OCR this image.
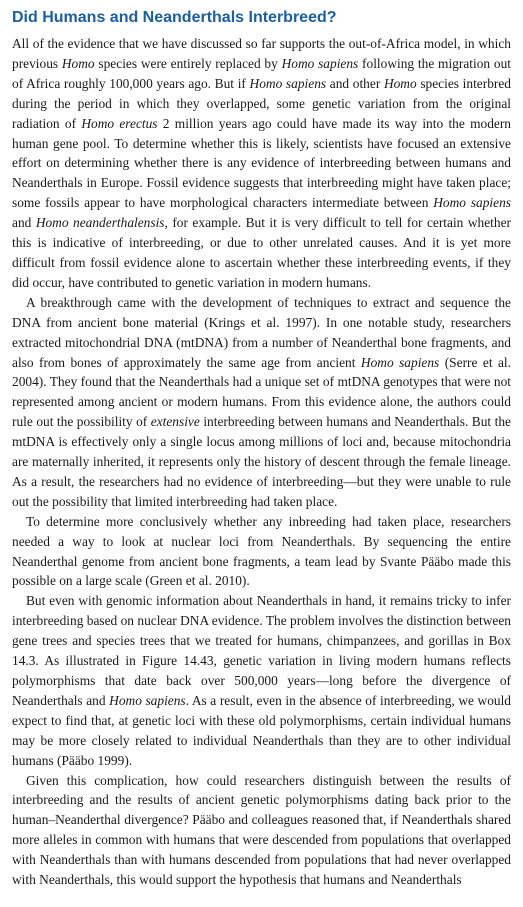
Did Humans and Neanderthals Interbreed?

All of the evidence that we have discussed so far supports the out-of-Africa model, in which previous Homo species were entirely replaced by Homo sapiens following the migration out of Africa roughly 100,000 years ago. But if Homo sapiens and other Homo species interbred during the period in which they overlapped, some genetic variation from the original radiation of Homo erectus 2 million years ago could have made its way into the modern human gene pool. To determine whether this is likely, scientists have focused an extensive effort on determining whether there is any evidence of interbreeding between humans and Neanderthals in Europe. Fossil evidence suggests that interbreeding might have taken place; some fossils appear to have morphological characters intermediate between Homo sapiens and Homo neanderthalensis, for example. But it is very difficult to tell for certain whether this is indicative of interbreeding, or due to other unrelated causes. And it is yet more difficult from fossil evidence alone to ascertain whether these interbreeding events, if they did occur, have contributed to genetic variation in modern humans.

A breakthrough came with the development of techniques to extract and sequence the DNA from ancient bone material (Krings et al. 1997). In one notable study, researchers extracted mitochondrial DNA (mtDNA) from a number of Neanderthal bone fragments, and also from bones of approximately the same age from ancient Homo sapiens (Serre et al. 2004). They found that the Neanderthals had a unique set of mtDNA genotypes that were not represented among ancient or modern humans. From this evidence alone, the authors could rule out the possibility of extensive interbreeding between humans and Neanderthals. But the mtDNA is effectively only a single locus among millions of loci and, because mitochondria are maternally inherited, it represents only the history of descent through the female lineage. As a result, the researchers had no evidence of interbreeding—but they were unable to rule out the possibility that limited interbreeding had taken place.

To determine more conclusively whether any inbreeding had taken place, researchers needed a way to look at nuclear loci from Neanderthals. By sequencing the entire Neanderthal genome from ancient bone fragments, a team lead by Svante Pääbo made this possible on a large scale (Green et al. 2010).

But even with genomic information about Neanderthals in hand, it remains tricky to infer interbreeding based on nuclear DNA evidence. The problem involves the distinction between gene trees and species trees that we treated for humans, chimpanzees, and gorillas in Box 14.3. As illustrated in Figure 14.43, genetic variation in living modern humans reflects polymorphisms that date back over 500,000 years—long before the divergence of Neanderthals and Homo sapiens. As a result, even in the absence of interbreeding, we would expect to find that, at genetic loci with these old polymorphisms, certain individual humans may be more closely related to individual Neanderthals than they are to other individual humans (Pääbo 1999).

Given this complication, how could researchers distinguish between the results of interbreeding and the results of ancient genetic polymorphisms dating back prior to the human–Neanderthal divergence? Pääbo and colleagues reasoned that, if Neanderthals shared more alleles in common with humans that were descended from populations that overlapped with Neanderthals than with humans descended from populations that had never overlapped with Neanderthals, this would support the hypothesis that humans and Neanderthals
